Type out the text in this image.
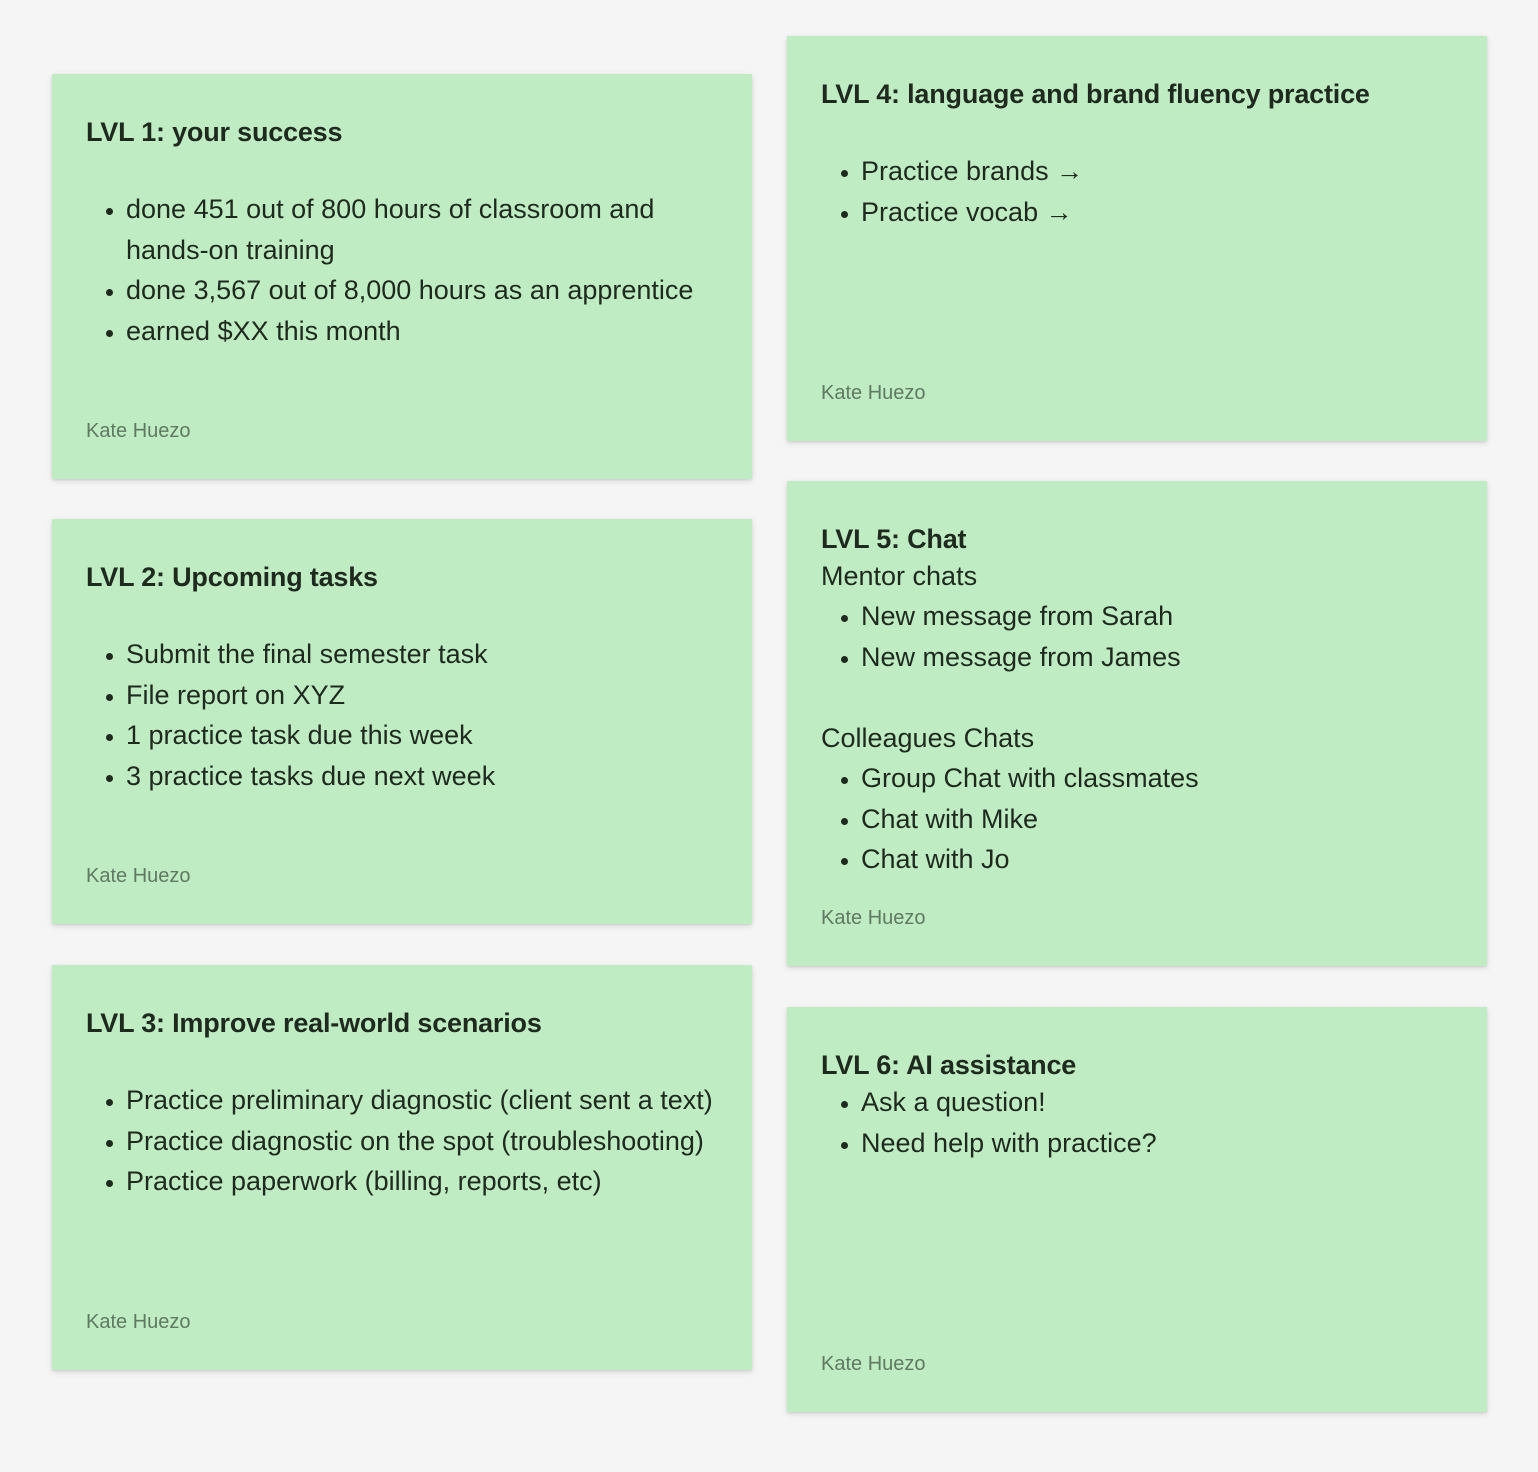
LVL 1: your success
• done 451 out of 800 hours of classroom and hands-on training
• done 3,567 out of 8,000 hours as an apprentice
• earned $XX this month
Kate Huezo
LVL 2: Upcoming tasks
• Submit the final semester task
• File report on XYZ
• 1 practice task due this week
• 3 practice tasks due next week
Kate Huezo
LVL 3: Improve real-world scenarios
• Practice preliminary diagnostic (client sent a text)
• Practice diagnostic on the spot (troubleshooting)
• Practice paperwork (billing, reports, etc)
Kate Huezo
LVL 4: language and brand fluency practice
• Practice brands →
• Practice vocab →
Kate Huezo
LVL 5: Chat
Mentor chats
• New message from Sarah
• New message from James
Colleagues Chats
• Group Chat with classmates
• Chat with Mike
• Chat with Jo
Kate Huezo
LVL 6: AI assistance
• Ask a question!
• Need help with practice?
Kate Huezo
